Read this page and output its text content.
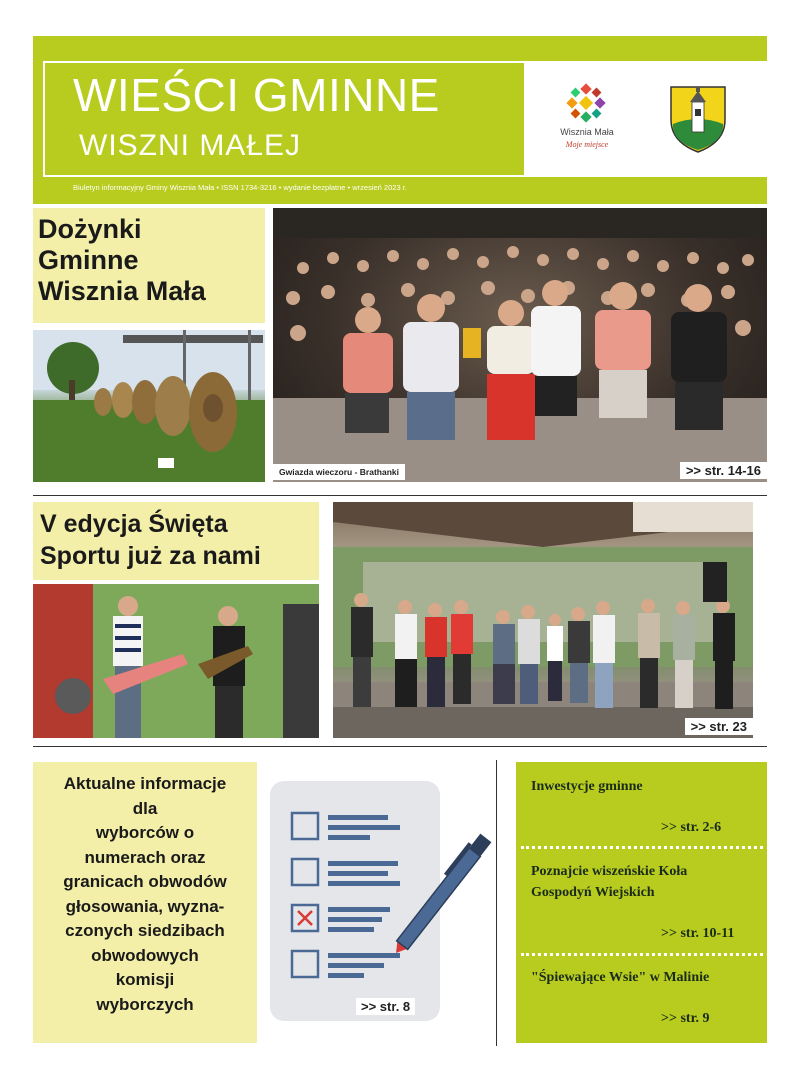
WIEŚCI GMINNE
WISZNI MAŁEJ
Biuletyn informacyjny Gminy Wisznia Mała • ISSN 1734-3216 • wydanie bezpłatne • wrzesień 2023 r.
Wisznia Mała
Moje miejsce
Dożynki
Gminne
Wisznia Mała
Gwiazda wieczoru - Brathanki	>> str. 14-16
V edycja Święta
Sportu już za nami
>> str. 23
Aktualne informacje
dla
wyborców o
numerach oraz
granicach obwodów
głosowania, wyzna-
czonych siedzibach
obwodowych
komisji
wyborczych	>> str. 8
Inwestycje gminne
>> str. 2-6
Poznajcie wiszeńskie Koła
Gospodyń Wiejskich
>> str. 10-11
"Śpiewające Wsie" w Malinie
>> str. 9
